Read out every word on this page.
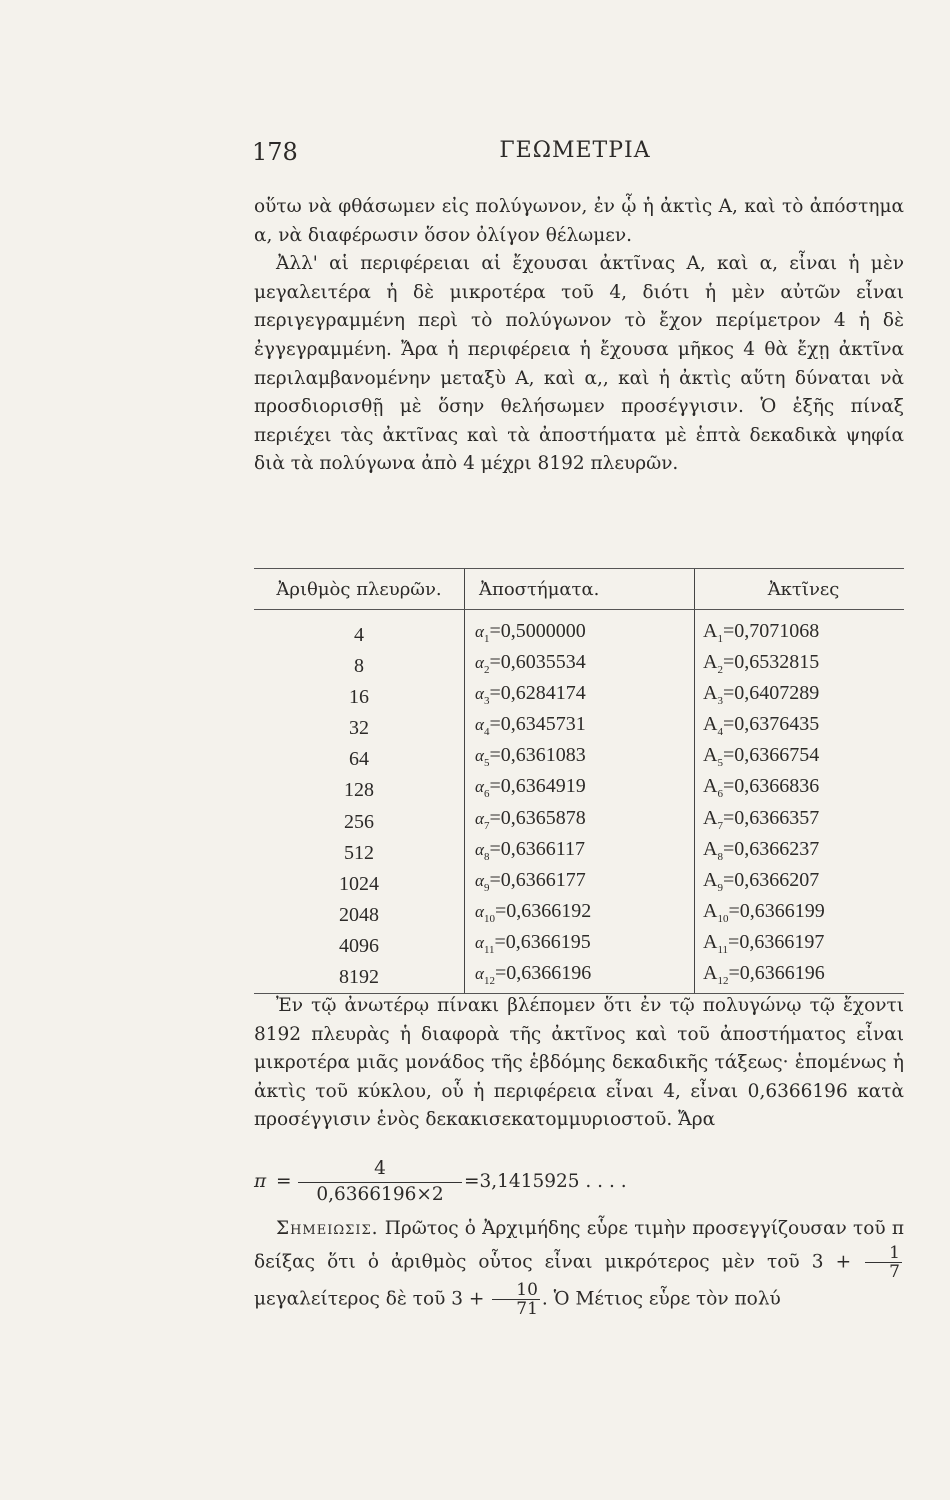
178	ΓΕΩΜΕΤΡΙΑ

οὕτω νὰ φθάσωμεν εἰς πολύγωνον, ἐν ᾧ ἡ ἀκτὶς Α, καὶ τὸ ἀπόστημα α, νὰ διαφέρωσιν ὅσον ὀλίγον θέλωμεν.

Ἀλλ' αἱ περιφέρειαι αἱ ἔχουσαι ἀκτῖνας Α, καὶ α, εἶναι ἡ μὲν μεγαλειτέρα ἡ δὲ μικροτέρα τοῦ 4, διότι ἡ μὲν αὐτῶν εἶναι περιγεγραμμένη περὶ τὸ πολύγωνον τὸ ἔχον περίμετρον 4 ἡ δὲ ἐγγεγραμμένη. Ἄρα ἡ περιφέρεια ἡ ἔχουσα μῆκος 4 θὰ ἔχῃ ἀκτῖνα περιλαμβανομένην μεταξὺ Α, καὶ α,, καὶ ἡ ἀκτὶς αὕτη δύναται νὰ προσδιορισθῇ μὲ ὅσην θελήσωμεν προσέγγισιν. Ὁ ἑξῆς πίναξ περιέχει τὰς ἀκτῖνας καὶ τὰ ἀποστήματα μὲ ἑπτὰ δεκαδικὰ ψηφία διὰ τὰ πολύγωνα ἀπὸ 4 μέχρι 8192 πλευρῶν.

Ἀριθμὸς πλευρῶν.	Ἀποστήματα.	Ἀκτῖνες
4	$\alpha_1=0,5000000$	$A_1=0,7071068$
8	$\alpha_2=0,6035534$	$A_2=0,6532815$
16	$\alpha_3=0,6284174$	$A_3=0,6407289$
32	$\alpha_4=0,6345731$	$A_4=0,6376435$
64	$\alpha_5=0,6361083$	$A_5=0,6366754$
128	$\alpha_6=0,6364919$	$A_6=0,6366836$
256	$\alpha_7=0,6365878$	$A_7=0,6366357$
512	$\alpha_8=0,6366117$	$A_8=0,6366237$
1024	$\alpha_9=0,6366177$	$A_9=0,6366207$
2048	$\alpha_{10}=0,6366192$	$A_{10}=0,6366199$
4096	$\alpha_{11}=0,6366195$	$A_{11}=0,6366197$
8192	$\alpha_{12}=0,6366196$	$A_{12}=0,6366196$

Ἐν τῷ ἀνωτέρῳ πίνακι βλέπομεν ὅτι ἐν τῷ πολυγώνῳ τῷ ἔχοντι 8192 πλευρὰς ἡ διαφορὰ τῆς ἀκτῖνος καὶ τοῦ ἀποστήματος εἶναι μικροτέρα μιᾶς μονάδος τῆς ἑβδόμης δεκαδικῆς τάξεως· ἑπομένως ἡ ἀκτὶς τοῦ κύκλου, οὗ ἡ περιφέρεια εἶναι 4, εἶναι 0,6366196 κατὰ προσέγγισιν ἑνὸς δεκακισεκατομμυριοστοῦ. Ἄρα

π =
4
0,6366196×2
=3,1415925 . . . .

Σημειωσις. Πρῶτος ὁ Ἀρχιμήδης εὗρε τιμὴν προσεγγίζουσαν τοῦ π δείξας ὅτι ὁ ἀριθμὸς οὗτος εἶναι μικρότερος μὲν τοῦ $3 + \frac{1}{7}$
μεγαλείτερος δὲ τοῦ $3 + \frac{10}{71}$ . Ὁ Μέτιος εὗρε τὸν πολύ
